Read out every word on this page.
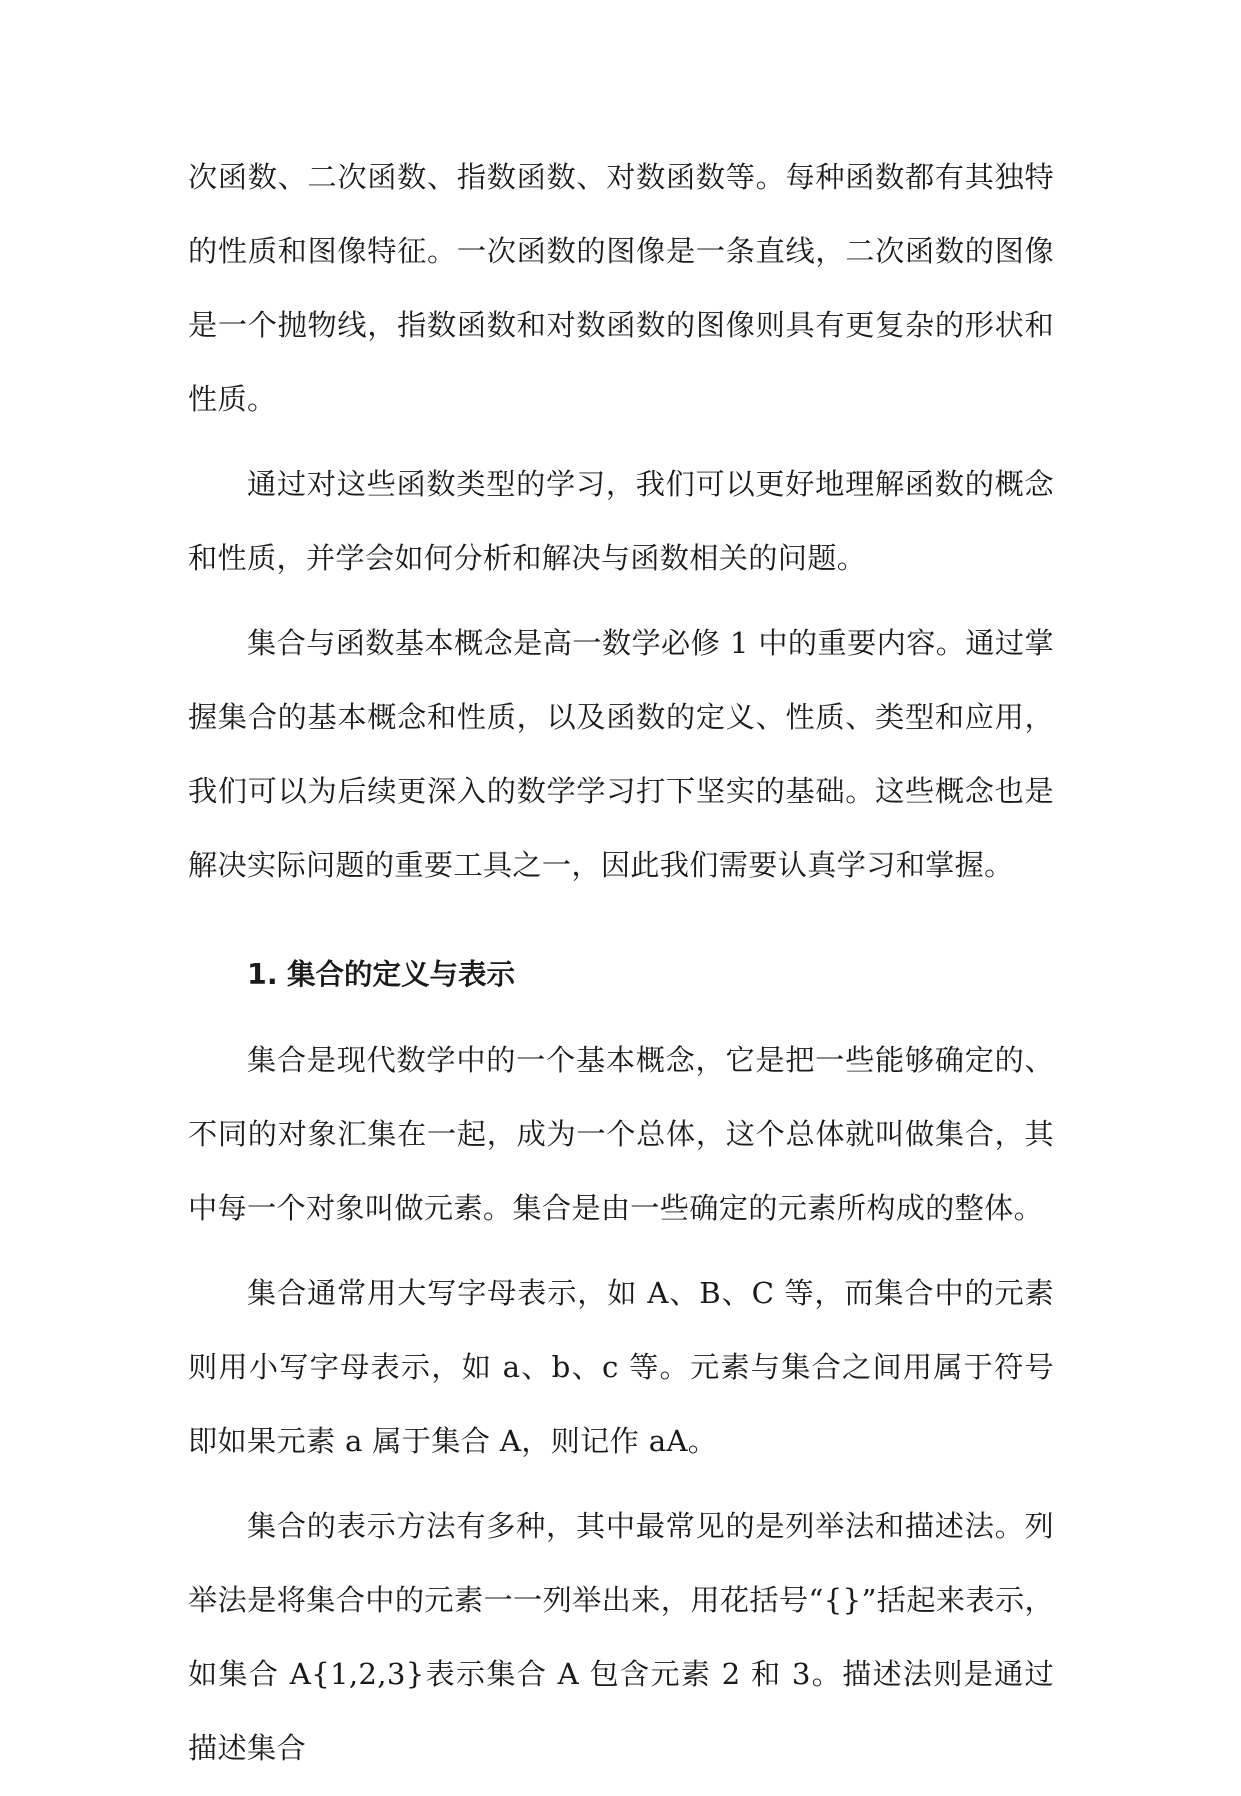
次函数、二次函数、指数函数、对数函数等。每种函数都有其独特的性质和图像特征。一次函数的图像是一条直线，二次函数的图像是一个抛物线，指数函数和对数函数的图像则具有更复杂的形状和性质。

通过对这些函数类型的学习，我们可以更好地理解函数的概念和性质，并学会如何分析和解决与函数相关的问题。

集合与函数基本概念是高一数学必修 1 中的重要内容。通过掌握集合的基本概念和性质，以及函数的定义、性质、类型和应用，我们可以为后续更深入的数学学习打下坚实的基础。这些概念也是解决实际问题的重要工具之一，因此我们需要认真学习和掌握。

1. 集合的定义与表示

集合是现代数学中的一个基本概念，它是把一些能够确定的、不同的对象汇集在一起，成为一个总体，这个总体就叫做集合，其中每一个对象叫做元素。集合是由一些确定的元素所构成的整体。

集合通常用大写字母表示，如 A、B、C 等，而集合中的元素则用小写字母表示，如 a、b、c 等。元素与集合之间用属于符号即如果元素 a 属于集合 A，则记作 aA。

集合的表示方法有多种，其中最常见的是列举法和描述法。列举法是将集合中的元素一一列举出来，用花括号“{}”括起来表示，如集合 A{1,2,3}表示集合 A 包含元素 2 和 3。描述法则是通过描述集合
